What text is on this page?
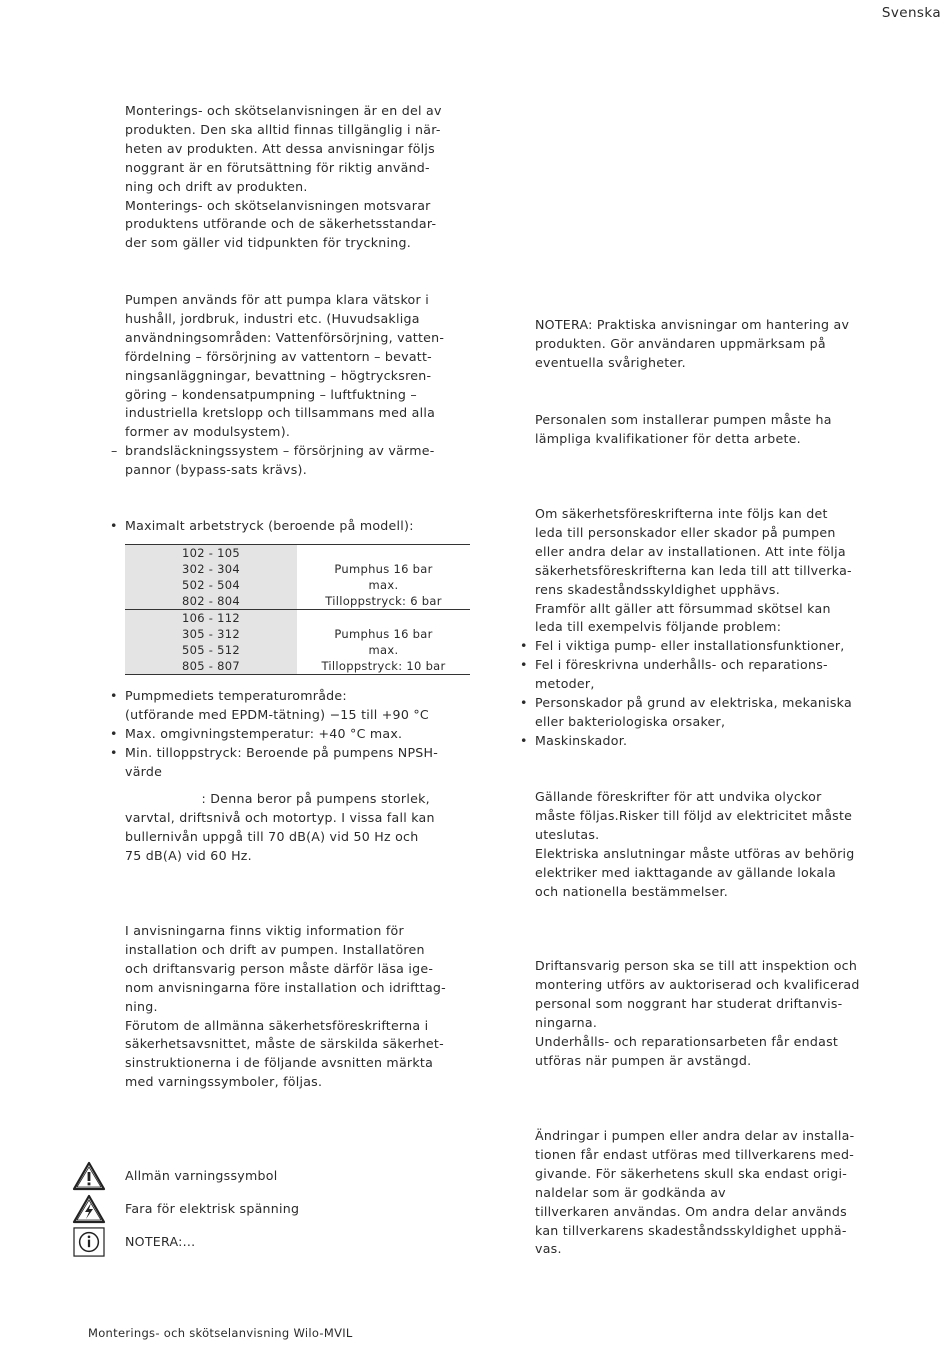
Svenska

Monterings- och skötselanvisningen är en del av
produkten. Den ska alltid finnas tillgänglig i när-
heten av produkten. Att dessa anvisningar följs
noggrant är en förutsättning för riktig använd-
ning och drift av produkten.
Monterings- och skötselanvisningen motsvarar
produktens utförande och de säkerhetsstandar-
der som gäller vid tidpunkten för tryckning.

Pumpen används för att pumpa klara vätskor i
hushåll, jordbruk, industri etc. (Huvudsakliga
användningsområden: Vattenförsörjning, vatten-
fördelning – försörjning av vattentorn – bevatt-
ningsanläggningar, bevattning – högtrycksren-
göring – kondensatpumpning – luftfuktning –
industriella kretslopp och tillsammans med alla
former av modulsystem).

– brandsläckningssystem – försörjning av värme-
pannor (bypass-sats krävs).
• Maximalt arbetstryck (beroende på modell):
102 - 105	
302 - 304	Pumphus 16 bar
502 - 504	max.
802 - 804	Tilloppstryck: 6 bar
106 - 112	
305 - 312	Pumphus 16 bar
505 - 512	max.
805 - 807	Tilloppstryck: 10 bar
• Pumpmediets temperaturområde:
(utförande med EPDM-tätning) −15 till +90 °C
• Max. omgivningstemperatur: +40 °C max.
• Min. tilloppstryck: Beroende på pumpens NPSH-
värde

: Denna beror på pumpens storlek,
varvtal, driftsnivå och motortyp. I vissa fall kan
bullernivån uppgå till 70 dB(A) vid 50 Hz och
75 dB(A) vid 60 Hz.

I anvisningarna finns viktig information för
installation och drift av pumpen. Installatören
och driftansvarig person måste därför läsa ige-
nom anvisningarna före installation och idrifttag-
ning.
Förutom de allmänna säkerhetsföreskrifterna i
säkerhetsavsnittet, måste de särskilda säkerhet-
sinstruktionerna i de följande avsnitten märkta
med varningssymboler, följas.

Allmän varningssymbol
Fara för elektrisk spänning
NOTERA:...

NOTERA: Praktiska anvisningar om hantering av
produkten. Gör användaren uppmärksam på
eventuella svårigheter.

Personalen som installerar pumpen måste ha
lämpliga kvalifikationer för detta arbete.

Om säkerhetsföreskrifterna inte följs kan det
leda till personskador eller skador på pumpen
eller andra delar av installationen. Att inte följa
säkerhetsföreskrifterna kan leda till att tillverka-
rens skadeståndsskyldighet upphävs.
Framför allt gäller att försummad skötsel kan
leda till exempelvis följande problem:

• Fel i viktiga pump- eller installationsfunktioner,
• Fel i föreskrivna underhålls- och reparations-
metoder,
• Personskador på grund av elektriska, mekaniska
eller bakteriologiska orsaker,
• Maskinskador.

Gällande föreskrifter för att undvika olyckor
måste följas.Risker till följd av elektricitet måste
uteslutas.
Elektriska anslutningar måste utföras av behörig
elektriker med iakttagande av gällande lokala
och nationella bestämmelser.

Driftansvarig person ska se till att inspektion och
montering utförs av auktoriserad och kvalificerad
personal som noggrant har studerat driftanvis-
ningarna.
Underhålls- och reparationsarbeten får endast
utföras när pumpen är avstängd.

Ändringar i pumpen eller andra delar av installa-
tionen får endast utföras med tillverkarens med-
givande. För säkerhetens skull ska endast origi-
naldelar som är godkända av
tillverkaren användas. Om andra delar används
kan tillverkarens skadeståndsskyldighet upphä-
vas.

Monterings- och skötselanvisning Wilo-MVIL
